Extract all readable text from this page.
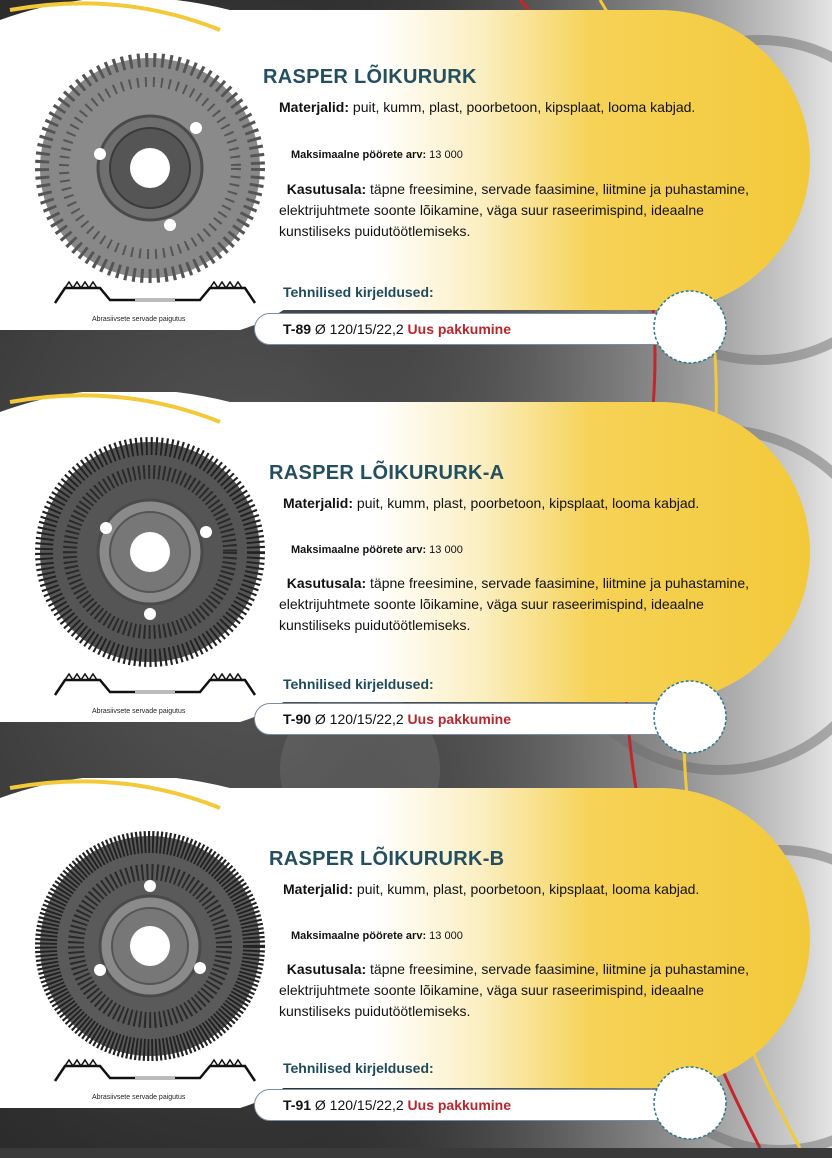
Abrasiivsete servade paigutus
RASPER LÕIKURURK
Materjalid: puit, kumm, plast, poorbetoon, kipsplaat, looma kabjad.
Maksimaalne pöörete arv: 13 000
Kasutusala: täpne freesimine, servade faasimine, liitmine ja puhastamine, elektrijuhtmete soonte lõikamine, väga suur raseerimispind, ideaalne kunstiliseks puidutöötlemiseks.
Tehnilised kirjeldused:
T-89 Ø 120/15/22,2 Uus pakkumine
Abrasiivsete servade paigutus
RASPER LÕIKURURK-A
Materjalid: puit, kumm, plast, poorbetoon, kipsplaat, looma kabjad.
Maksimaalne pöörete arv: 13 000
Kasutusala: täpne freesimine, servade faasimine, liitmine ja puhastamine, elektrijuhtmete soonte lõikamine, väga suur raseerimispind, ideaalne kunstiliseks puidutöötlemiseks.
Tehnilised kirjeldused:
T-90 Ø 120/15/22,2 Uus pakkumine
Abrasiivsete servade paigutus
RASPER LÕIKURURK-B
Materjalid: puit, kumm, plast, poorbetoon, kipsplaat, looma kabjad.
Maksimaalne pöörete arv: 13 000
Kasutusala: täpne freesimine, servade faasimine, liitmine ja puhastamine, elektrijuhtmete soonte lõikamine, väga suur raseerimispind, ideaalne kunstiliseks puidutöötlemiseks.
Tehnilised kirjeldused:
T-91 Ø 120/15/22,2 Uus pakkumine
